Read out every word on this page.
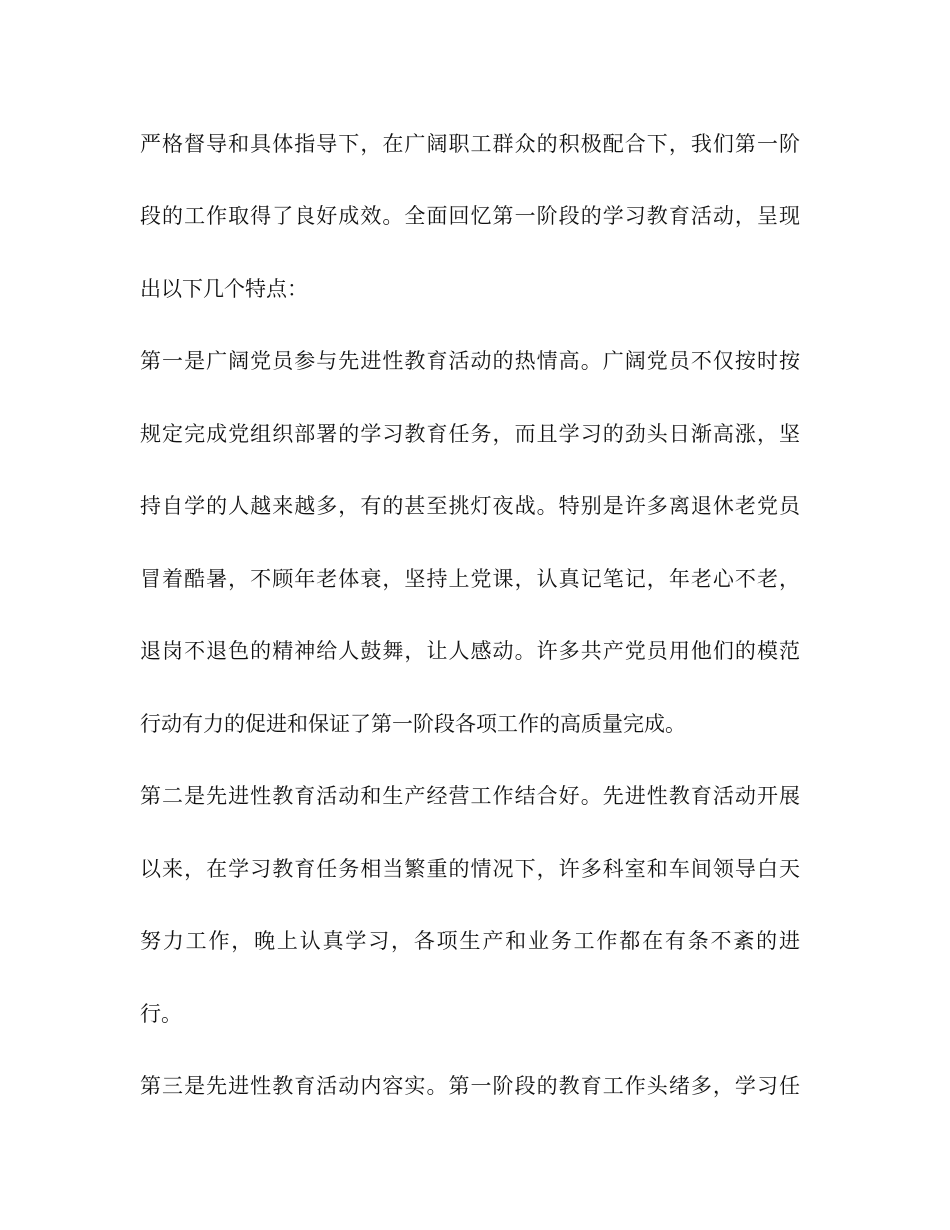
严格督导和具体指导下，在广阔职工群众的积极配合下，我们第一阶
段的工作取得了良好成效。全面回忆第一阶段的学习教育活动，呈现
出以下几个特点：
第一是广阔党员参与先进性教育活动的热情高。广阔党员不仅按时按
规定完成党组织部署的学习教育任务，而且学习的劲头日渐高涨，坚
持自学的人越来越多，有的甚至挑灯夜战。特别是许多离退休老党员
冒着酷暑，不顾年老体衰，坚持上党课，认真记笔记，年老心不老，
退岗不退色的精神给人鼓舞，让人感动。许多共产党员用他们的模范
行动有力的促进和保证了第一阶段各项工作的高质量完成。
第二是先进性教育活动和生产经营工作结合好。先进性教育活动开展
以来，在学习教育任务相当繁重的情况下，许多科室和车间领导白天
努力工作，晚上认真学习，各项生产和业务工作都在有条不紊的进
行。
第三是先进性教育活动内容实。第一阶段的教育工作头绪多，学习任
